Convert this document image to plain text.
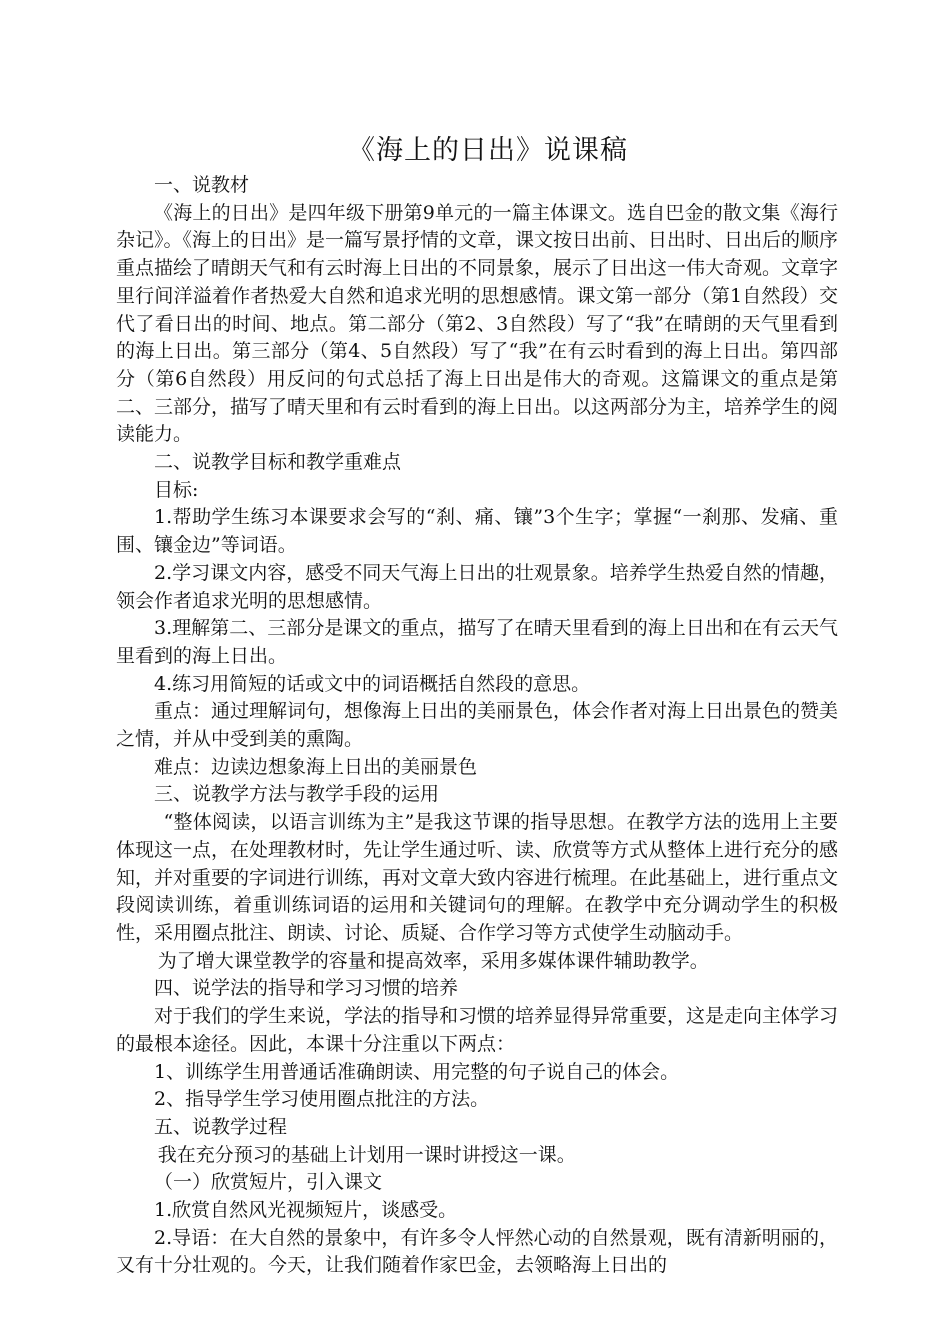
《海上的日出》说课稿

一、说教材

《海上的日出》是四年级下册第9单元的一篇主体课文。选自巴金的散文集《海行杂记》。《海上的日出》是一篇写景抒情的文章，课文按日出前、日出时、日出后的顺序重点描绘了晴朗天气和有云时海上日出的不同景象，展示了日出这一伟大奇观。文章字里行间洋溢着作者热爱大自然和追求光明的思想感情。课文第一部分（第1自然段）交代了看日出的时间、地点。第二部分（第2、3自然段）写了“我”在晴朗的天气里看到的海上日出。第三部分（第4、5自然段）写了“我”在有云时看到的海上日出。第四部分（第6自然段）用反问的句式总括了海上日出是伟大的奇观。这篇课文的重点是第二、三部分，描写了晴天里和有云时看到的海上日出。以这两部分为主，培养学生的阅读能力。

二、说教学目标和教学重难点

目标:

1.帮助学生练习本课要求会写的“刹、痛、镶”3个生字；掌握“一刹那、发痛、重围、镶金边”等词语。

2.学习课文内容，感受不同天气海上日出的壮观景象。培养学生热爱自然的情趣，领会作者追求光明的思想感情。

3.理解第二、三部分是课文的重点，描写了在晴天里看到的海上日出和在有云天气里看到的海上日出。

4.练习用简短的话或文中的词语概括自然段的意思。

重点：通过理解词句，想像海上日出的美丽景色，体会作者对海上日出景色的赞美之情，并从中受到美的熏陶。

难点：边读边想象海上日出的美丽景色

三、说教学方法与教学手段的运用

“整体阅读，以语言训练为主”是我这节课的指导思想。在教学方法的选用上主要体现这一点，在处理教材时，先让学生通过听、读、欣赏等方式从整体上进行充分的感知，并对重要的字词进行训练，再对文章大致内容进行梳理。在此基础上，进行重点文段阅读训练，着重训练词语的运用和关键词句的理解。在教学中充分调动学生的积极性，采用圈点批注、朗读、讨论、质疑、合作学习等方式使学生动脑动手。

为了增大课堂教学的容量和提高效率，采用多媒体课件辅助教学。

四、说学法的指导和学习习惯的培养

对于我们的学生来说，学法的指导和习惯的培养显得异常重要，这是走向主体学习的最根本途径。因此，本课十分注重以下两点：

1、训练学生用普通话准确朗读、用完整的句子说自己的体会。

2、指导学生学习使用圈点批注的方法。

五、说教学过程

我在充分预习的基础上计划用一课时讲授这一课。

（一）欣赏短片，引入课文

1.欣赏自然风光视频短片，谈感受。

2.导语：在大自然的景象中，有许多令人怦然心动的自然景观，既有清新明丽的，又有十分壮观的。今天，让我们随着作家巴金，去领略海上日出的
